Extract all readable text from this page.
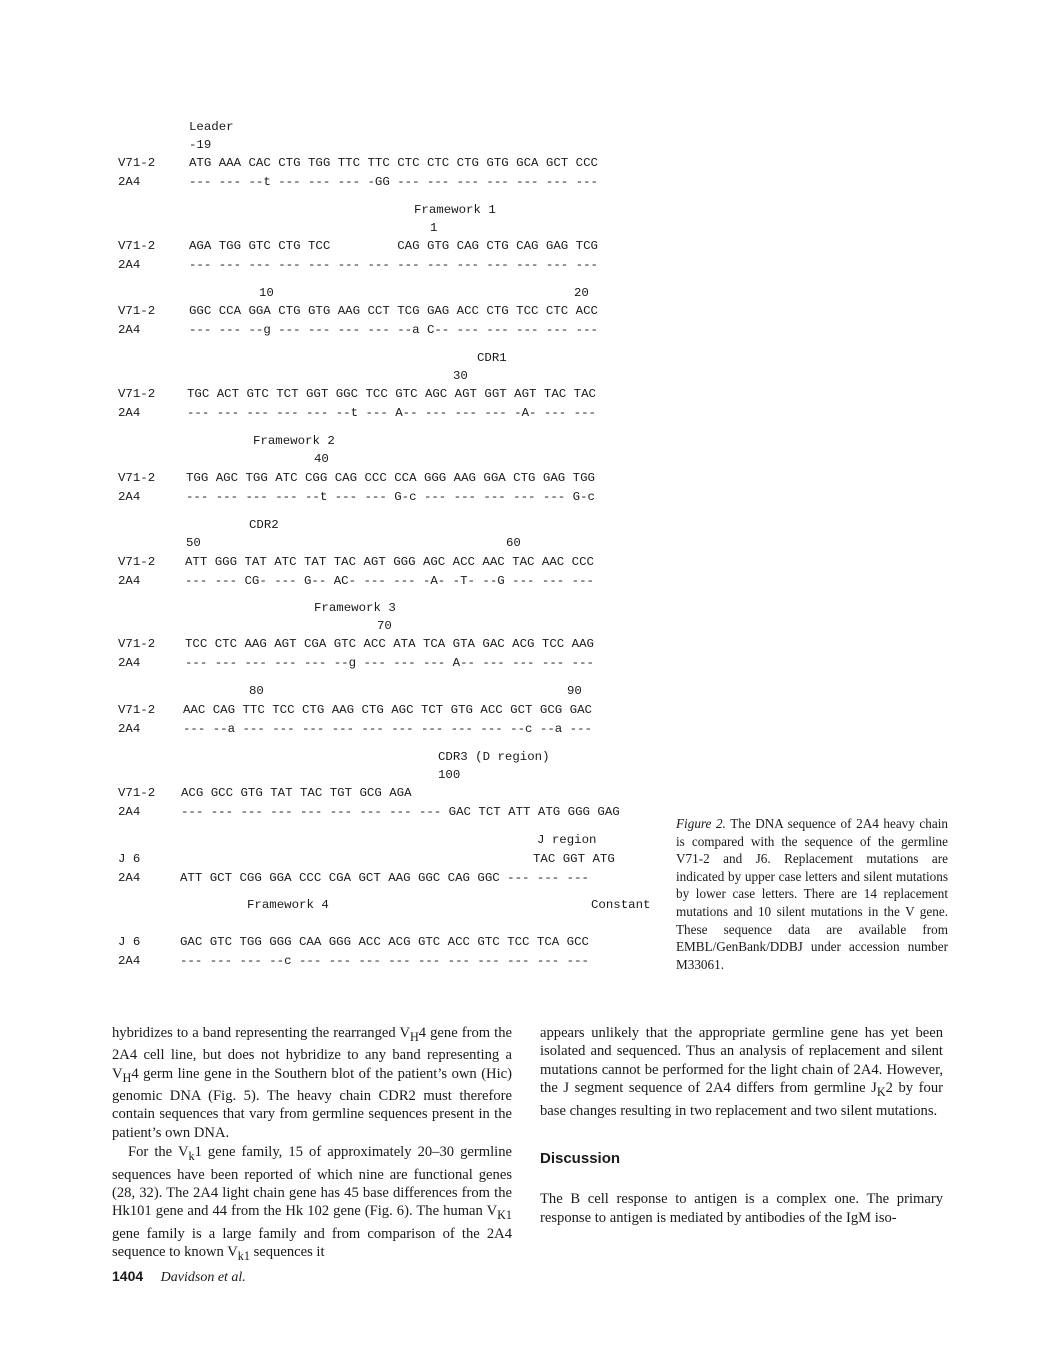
Leader
-19
V71-2	ATG AAA CAC CTG TGG TTC TTC CTC CTC CTG GTG GCA GCT CCC
2A4	--- --- --t --- --- --- -GG --- --- --- --- --- --- ---
Framework 1
1
V71-2	AGA TGG GTC CTG TCC         CAG GTG CAG CTG CAG GAG TCG
2A4	--- --- --- --- --- --- --- --- --- --- --- --- --- ---
10	20
V71-2	GGC CCA GGA CTG GTG AAG CCT TCG GAG ACC CTG TCC CTC ACC
2A4	--- --- --g --- --- --- --- --a C-- --- --- --- --- ---
CDR1
30
V71-2	TGC ACT GTC TCT GGT GGC TCC GTC AGC AGT GGT AGT TAC TAC
2A4	--- --- --- --- --- --t --- A-- --- --- --- -A- --- ---
Framework 2
40
V71-2 TGG AGC TGG ATC CGG CAG CCC CCA GGG AAG GGA CTG GAG TGG
2A4	--- --- --- --- --t --- --- G-c --- --- --- --- --- G-c
CDR2
50	60
V71-2 ATT GGG TAT ATC TAT TAC AGT GGG AGC ACC AAC TAC AAC CCC
2A4	--- --- CG- --- G-- AC- --- --- -A- -T- --G --- --- ---
Framework 3
70
V71-2 TCC CTC AAG AGT CGA GTC ACC ATA TCA GTA GAC ACG TCC AAG
2A4	--- --- --- --- --- --g --- --- --- A-- --- --- --- ---
80	90
V71-2 AAC CAG TTC TCC CTG AAG CTG AGC TCT GTG ACC GCT GCG GAC
2A4	--- --a --- --- --- --- --- --- --- --- --- --c --a ---
CDR3 (D region)
100
V71-2 ACG GCC GTG TAT TAC TGT GCG AGA
2A4	--- --- --- --- --- --- --- --- --- GAC TCT ATT ATG GGG GAG
J region
J 6	TAC GGT ATG
2A4	ATT GCT CGG GGA CCC CGA GCT AAG GGC CAG GGC --- --- ---
Framework 4	Constant
J 6	GAC GTC TGG GGG CAA GGG ACC ACG GTC ACC GTC TCC TCA GCC
2A4	--- --- --- --c --- --- --- --- --- --- --- --- --- ---
Figure 2. The DNA sequence of 2A4 heavy chain is compared with the sequence of the germline V71-2 and J6. Replacement mutations are indicated by upper case letters and silent mutations by lower case letters. There are 14 replacement mutations and 10 silent mutations in the V gene. These sequence data are available from EMBL/GenBank/DDBJ under accession number M33061.

hybridizes to a band representing the rearranged $V_H4$ gene from the 2A4 cell line, but does not hybridize to any band representing a $V_H4$ germ line gene in the Southern blot of the patient’s own (Hic) genomic DNA (Fig. 5). The heavy chain CDR2 must therefore contain sequences that vary from germline sequences present in the patient’s own DNA.

For the $V_k1$ gene family, 15 of approximately 20–30 germline sequences have been reported of which nine are functional genes (28, 32). The 2A4 light chain gene has 45 base differences from the Hk101 gene and 44 from the Hk 102 gene (Fig. 6). The human $V_{K1}$ gene family is a large family and from comparison of the 2A4 sequence to known $V_{k1}$ sequences it

appears unlikely that the appropriate germline gene has yet been isolated and sequenced. Thus an analysis of replacement and silent mutations cannot be performed for the light chain of 2A4. However, the J segment sequence of 2A4 differs from germline $J_K2$ by four base changes resulting in two replacement and two silent mutations.

Discussion

The B cell response to antigen is a complex one. The primary response to antigen is mediated by antibodies of the IgM iso-

1404 Davidson et al.
